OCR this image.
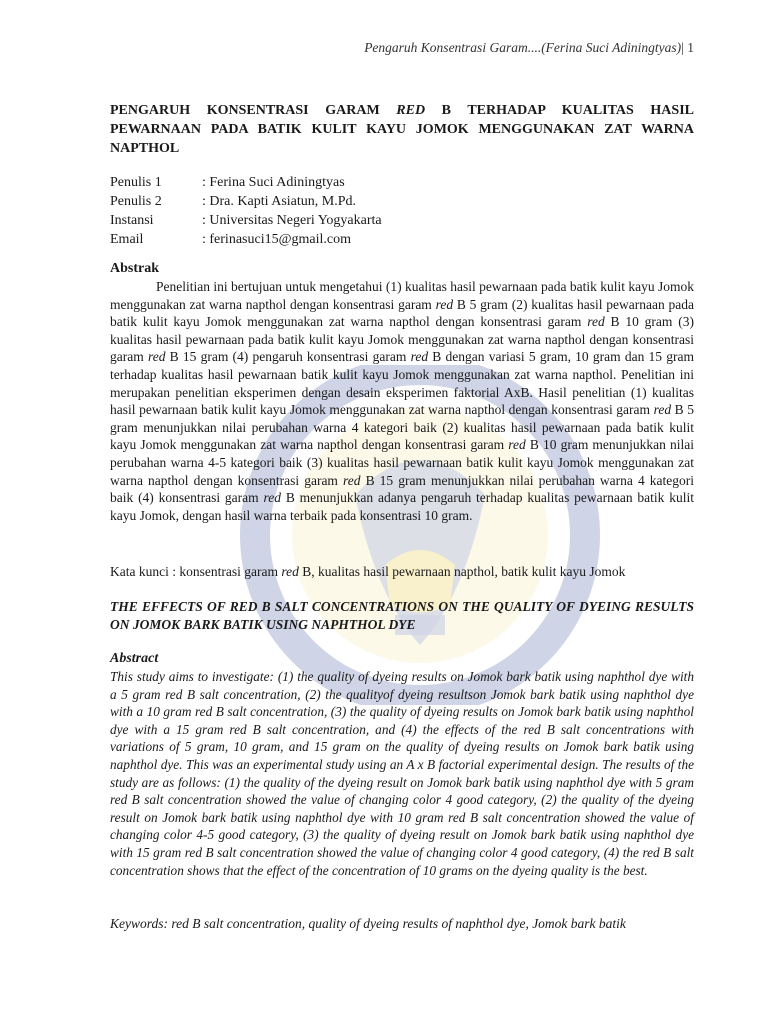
Pengaruh Konsentrasi Garam....(Ferina Suci Adiningtyas)| 1

PENGARUH KONSENTRASI GARAM RED B TERHADAP KUALITAS HASIL PEWARNAAN PADA BATIK KULIT KAYU JOMOK MENGGUNAKAN ZAT WARNA NAPTHOL

Penulis 1	: Ferina Suci Adiningtyas
Penulis 2	: Dra. Kapti Asiatun, M.Pd.
Instansi	: Universitas Negeri Yogyakarta
Email	: ferinasuci15@gmail.com
Abstrak

Penelitian ini bertujuan untuk mengetahui (1) kualitas hasil pewarnaan pada batik kulit kayu Jomok menggunakan zat warna napthol dengan konsentrasi garam red B 5 gram (2) kualitas hasil pewarnaan pada batik kulit kayu Jomok menggunakan zat warna napthol dengan konsentrasi garam red B 10 gram (3) kualitas hasil pewarnaan pada batik kulit kayu Jomok menggunakan zat warna napthol dengan konsentrasi garam red B 15 gram (4) pengaruh konsentrasi garam red B dengan variasi 5 gram, 10 gram dan 15 gram terhadap kualitas hasil pewarnaan batik kulit kayu Jomok menggunakan zat warna napthol. Penelitian ini merupakan penelitian eksperimen dengan desain eksperimen faktorial AxB. Hasil penelitian (1) kualitas hasil pewarnaan batik kulit kayu Jomok menggunakan zat warna napthol dengan konsentrasi garam red B 5 gram menunjukkan nilai perubahan warna 4 kategori baik (2) kualitas hasil pewarnaan pada batik kulit kayu Jomok menggunakan zat warna napthol dengan konsentrasi garam red B 10 gram menunjukkan nilai perubahan warna 4-5 kategori baik (3) kualitas hasil pewarnaan batik kulit kayu Jomok menggunakan zat warna napthol dengan konsentrasi garam red B 15 gram menunjukkan nilai perubahan warna 4 kategori baik (4) konsentrasi garam red B menunjukkan adanya pengaruh terhadap kualitas pewarnaan batik kulit kayu Jomok, dengan hasil warna terbaik pada konsentrasi 10 gram.

Kata kunci : konsentrasi garam red B, kualitas hasil pewarnaan napthol, batik kulit kayu Jomok

THE EFFECTS OF RED B SALT CONCENTRATIONS ON THE QUALITY OF DYEING RESULTS ON JOMOK BARK BATIK USING NAPHTHOL DYE

Abstract

This study aims to investigate: (1) the quality of dyeing results on Jomok bark batik using naphthol dye with a 5 gram red B salt concentration, (2) the qualityof dyeing resultson Jomok bark batik using naphthol dye with a 10 gram red B salt concentration, (3) the quality of dyeing results on Jomok bark batik using naphthol dye with a 15 gram red B salt concentration, and (4) the effects of the red B salt concentrations with variations of 5 gram, 10 gram, and 15 gram on the quality of dyeing results on Jomok bark batik using naphthol dye. This was an experimental study using an A x B factorial experimental design. The results of the study are as follows: (1) the quality of the dyeing result on Jomok bark batik using naphthol dye with 5 gram red B salt concentration showed the value of changing color 4 good category, (2) the quality of the dyeing result on Jomok bark batik using naphthol dye with 10 gram red B salt concentration showed the value of changing color 4-5 good category, (3) the quality of dyeing result on Jomok bark batik using naphthol dye with 15 gram red B salt concentration showed the value of changing color 4 good category, (4) the red B salt concentration shows that the effect of the concentration of 10 grams on the dyeing quality is the best.

Keywords: red B salt concentration, quality of dyeing results of naphthol dye, Jomok bark batik
